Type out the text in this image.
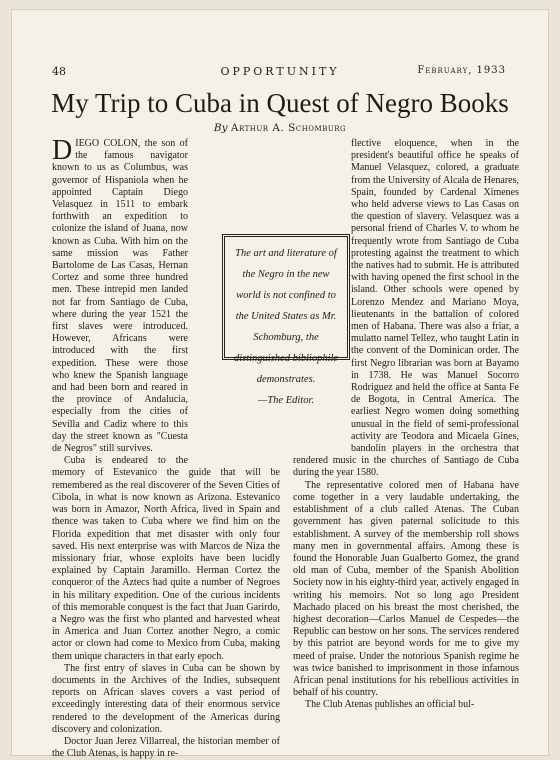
48	OPPORTUNITY	February, 1933
My Trip to Cuba in Quest of Negro Books
By Arthur A. Schomburg

DIEGO COLON, the son of the famous navigator known to us as Columbus, was governor of Hispaniola when he appointed Captain Diego Velasquez in 1511 to embark forthwith an expedition to colonize the island of Juana, now known as Cuba. With him on the same mission was Father Bartolome de Las Casas, Hernan Cortez and some three hundred men. These intrepid men landed not far from Santiago de Cuba, where during the year 1521 the first slaves were introduced. However, Africans were introduced with the first expedition. These were those who knew the Spanish language and had been born and reared in the province of Andalucia, especially from the cities of Sevilla and Cadiz where to this day the street known as "Cuesta de Negros" still survives.

Cuba is endeared to the memory of Estevanico the guide that will be remembered as the real discoverer of the Seven Cities of Cibola, in what is now known as Arizona. Estevanico was born in Amazor, North Africa, lived in Spain and thence was taken to Cuba where we find him on the Florida expedition that met disaster with only four saved. His next enterprise was with Marcos de Niza the missionary friar, whose exploits have been lucidly explained by Captain Jaramillo. Herman Cortez the conqueror of the Aztecs had quite a number of Negroes in his military expedition. One of the curious incidents of this memorable conquest is the fact that Juan Garirdo, a Negro was the first who planted and harvested wheat in America and Juan Cortez another Negro, a comic actor or clown had come to Mexico from Cuba, making them unique characters in that early epoch.

The first entry of slaves in Cuba can be shown by documents in the Archives of the Indies, subsequent reports on African slaves covers a vast period of exceedingly interesting data of their enormous service rendered to the development of the Americas during discovery and colonization.

Doctor Juan Jerez Villarreal, the historian member of the Club Atenas, is happy in re-

flective eloquence, when in the president's beautiful office he speaks of Manuel Velasquez, colored, a graduate from the University of Alcala de Henares, Spain, founded by Cardenal Ximenes who held adverse views to Las Casas on the question of slavery. Velasquez was a personal friend of Charles V. to whom he frequently wrote from Santiago de Cuba protesting against the treatment to which the natives had to submit. He is attributed with having opened the first school in the island. Other schools were opened by Lorenzo Mendez and Mariano Moya, lieutenants in the battalion of colored men of Habana. There was also a friar, a mulatto namel Tellez, who taught Latin in the convent of the Dominican order. The first Negro librarian was born at Bayamo in 1738. He was Manuel Socorro Rodriguez and held the office at Santa Fe de Bogota, in Central America. The earliest Negro women doing something unusual in the field of semi-professional activity are Teodora and Micaela Gines, bandolin players in the orchestra that rendered music in the churches of Santiago de Cuba during the year 1580.

The representative colored men of Habana have come together in a very laudable undertaking, the establishment of a club called Atenas. The Cuban government has given paternal solicitude to this establishment. A survey of the membership roll shows many men in governmental affairs. Among these is found the Honorable Juan Gualberto Gomez, the grand old man of Cuba, member of the Spanish Abolition Society now in his eighty-third year, actively engaged in writing his memoirs. Not so long ago President Machado placed on his breast the most cherished, the highest decoration—Carlos Manuel de Cespedes—the Republic can bestow on her sons. The services rendered by this patriot are beyond words for me to give my meed of praise. Under the notorious Spanish regime he was twice banished to imprisonment in those infamous African penal institutions for his rebellious activities in behalf of his country.

The Club Atenas publishes an official bul-

The art and literature of the Negro in the new world is not confined to the United States as Mr. Schomburg, the distinguished bibliophile demonstrates.
—The Editor.
